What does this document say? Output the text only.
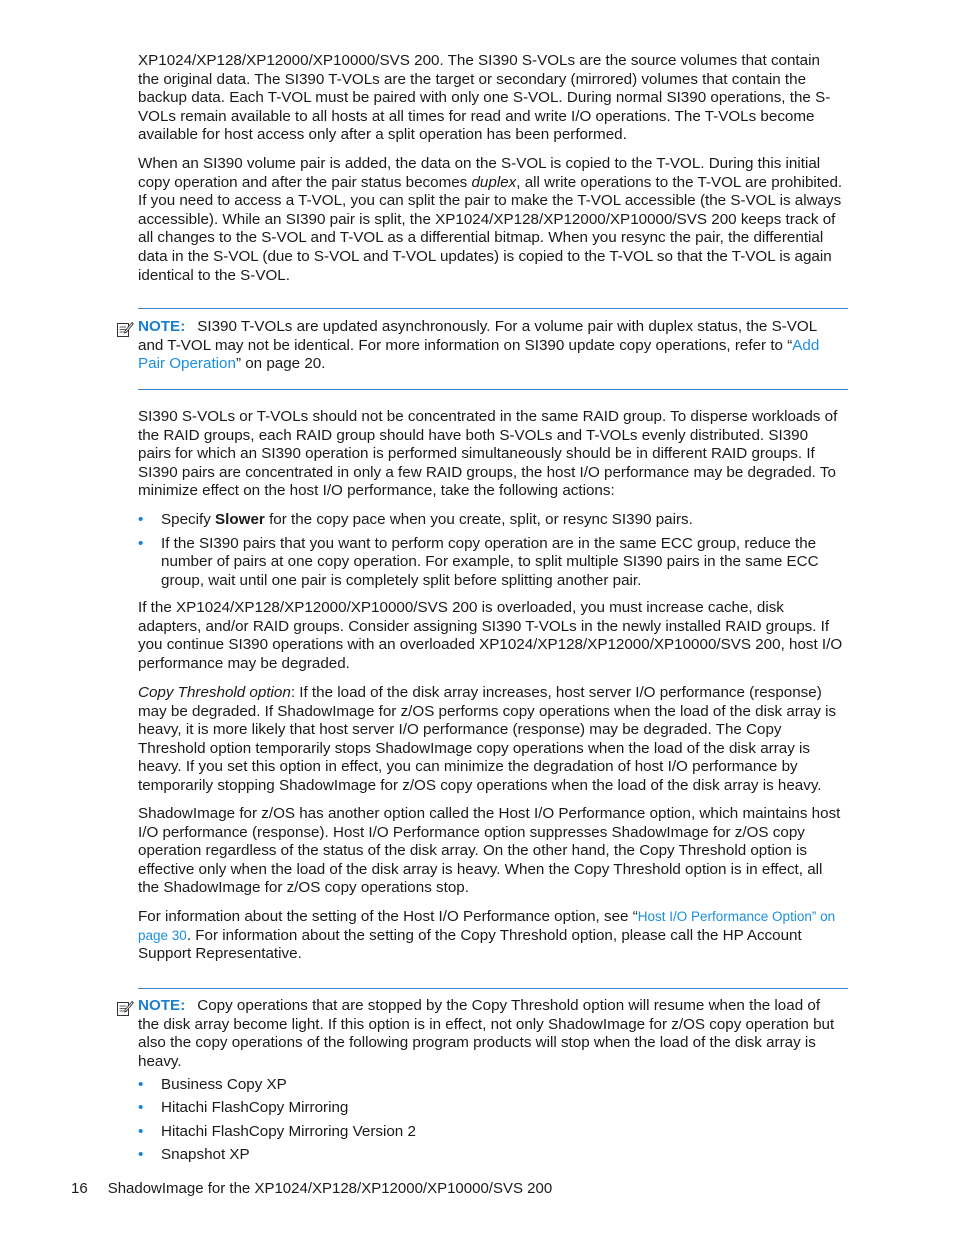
XP1024/XP128/XP12000/XP10000/SVS 200. The SI390 S-VOLs are the source volumes that contain the original data. The SI390 T-VOLs are the target or secondary (mirrored) volumes that contain the backup data. Each T-VOL must be paired with only one S-VOL. During normal SI390 operations, the S-VOLs remain available to all hosts at all times for read and write I/O operations. The T-VOLs become available for host access only after a split operation has been performed.

When an SI390 volume pair is added, the data on the S-VOL is copied to the T-VOL. During this initial copy operation and after the pair status becomes duplex, all write operations to the T-VOL are prohibited. If you need to access a T-VOL, you can split the pair to make the T-VOL accessible (the S-VOL is always accessible). While an SI390 pair is split, the XP1024/XP128/XP12000/XP10000/SVS 200 keeps track of all changes to the S-VOL and T-VOL as a differential bitmap. When you resync the pair, the differential data in the S-VOL (due to S-VOL and T-VOL updates) is copied to the T-VOL so that the T-VOL is again identical to the S-VOL.

NOTE: SI390 T-VOLs are updated asynchronously. For a volume pair with duplex status, the S-VOL and T-VOL may not be identical. For more information on SI390 update copy operations, refer to “Add Pair Operation” on page 20.

SI390 S-VOLs or T-VOLs should not be concentrated in the same RAID group. To disperse workloads of the RAID groups, each RAID group should have both S-VOLs and T-VOLs evenly distributed. SI390 pairs for which an SI390 operation is performed simultaneously should be in different RAID groups. If SI390 pairs are concentrated in only a few RAID groups, the host I/O performance may be degraded. To minimize effect on the host I/O performance, take the following actions:

• Specify Slower for the copy pace when you create, split, or resync SI390 pairs.
• If the SI390 pairs that you want to perform copy operation are in the same ECC group, reduce the number of pairs at one copy operation. For example, to split multiple SI390 pairs in the same ECC group, wait until one pair is completely split before splitting another pair.

If the XP1024/XP128/XP12000/XP10000/SVS 200 is overloaded, you must increase cache, disk adapters, and/or RAID groups. Consider assigning SI390 T-VOLs in the newly installed RAID groups. If you continue SI390 operations with an overloaded XP1024/XP128/XP12000/XP10000/SVS 200, host I/O performance may be degraded.

Copy Threshold option: If the load of the disk array increases, host server I/O performance (response) may be degraded. If ShadowImage for z/OS performs copy operations when the load of the disk array is heavy, it is more likely that host server I/O performance (response) may be degraded. The Copy Threshold option temporarily stops ShadowImage copy operations when the load of the disk array is heavy. If you set this option in effect, you can minimize the degradation of host I/O performance by temporarily stopping ShadowImage for z/OS copy operations when the load of the disk array is heavy.

ShadowImage for z/OS has another option called the Host I/O Performance option, which maintains host I/O performance (response). Host I/O Performance option suppresses ShadowImage for z/OS copy operation regardless of the status of the disk array. On the other hand, the Copy Threshold option is effective only when the load of the disk array is heavy. When the Copy Threshold option is in effect, all the ShadowImage for z/OS copy operations stop.

For information about the setting of the Host I/O Performance option, see “Host I/O Performance Option” on page 30. For information about the setting of the Copy Threshold option, please call the HP Account Support Representative.

NOTE: Copy operations that are stopped by the Copy Threshold option will resume when the load of the disk array become light. If this option is in effect, not only ShadowImage for z/OS copy operation but also the copy operations of the following program products will stop when the load of the disk array is heavy.
• Business Copy XP
• Hitachi FlashCopy Mirroring
• Hitachi FlashCopy Mirroring Version 2
• Snapshot XP
16 ShadowImage for the XP1024/XP128/XP12000/XP10000/SVS 200
